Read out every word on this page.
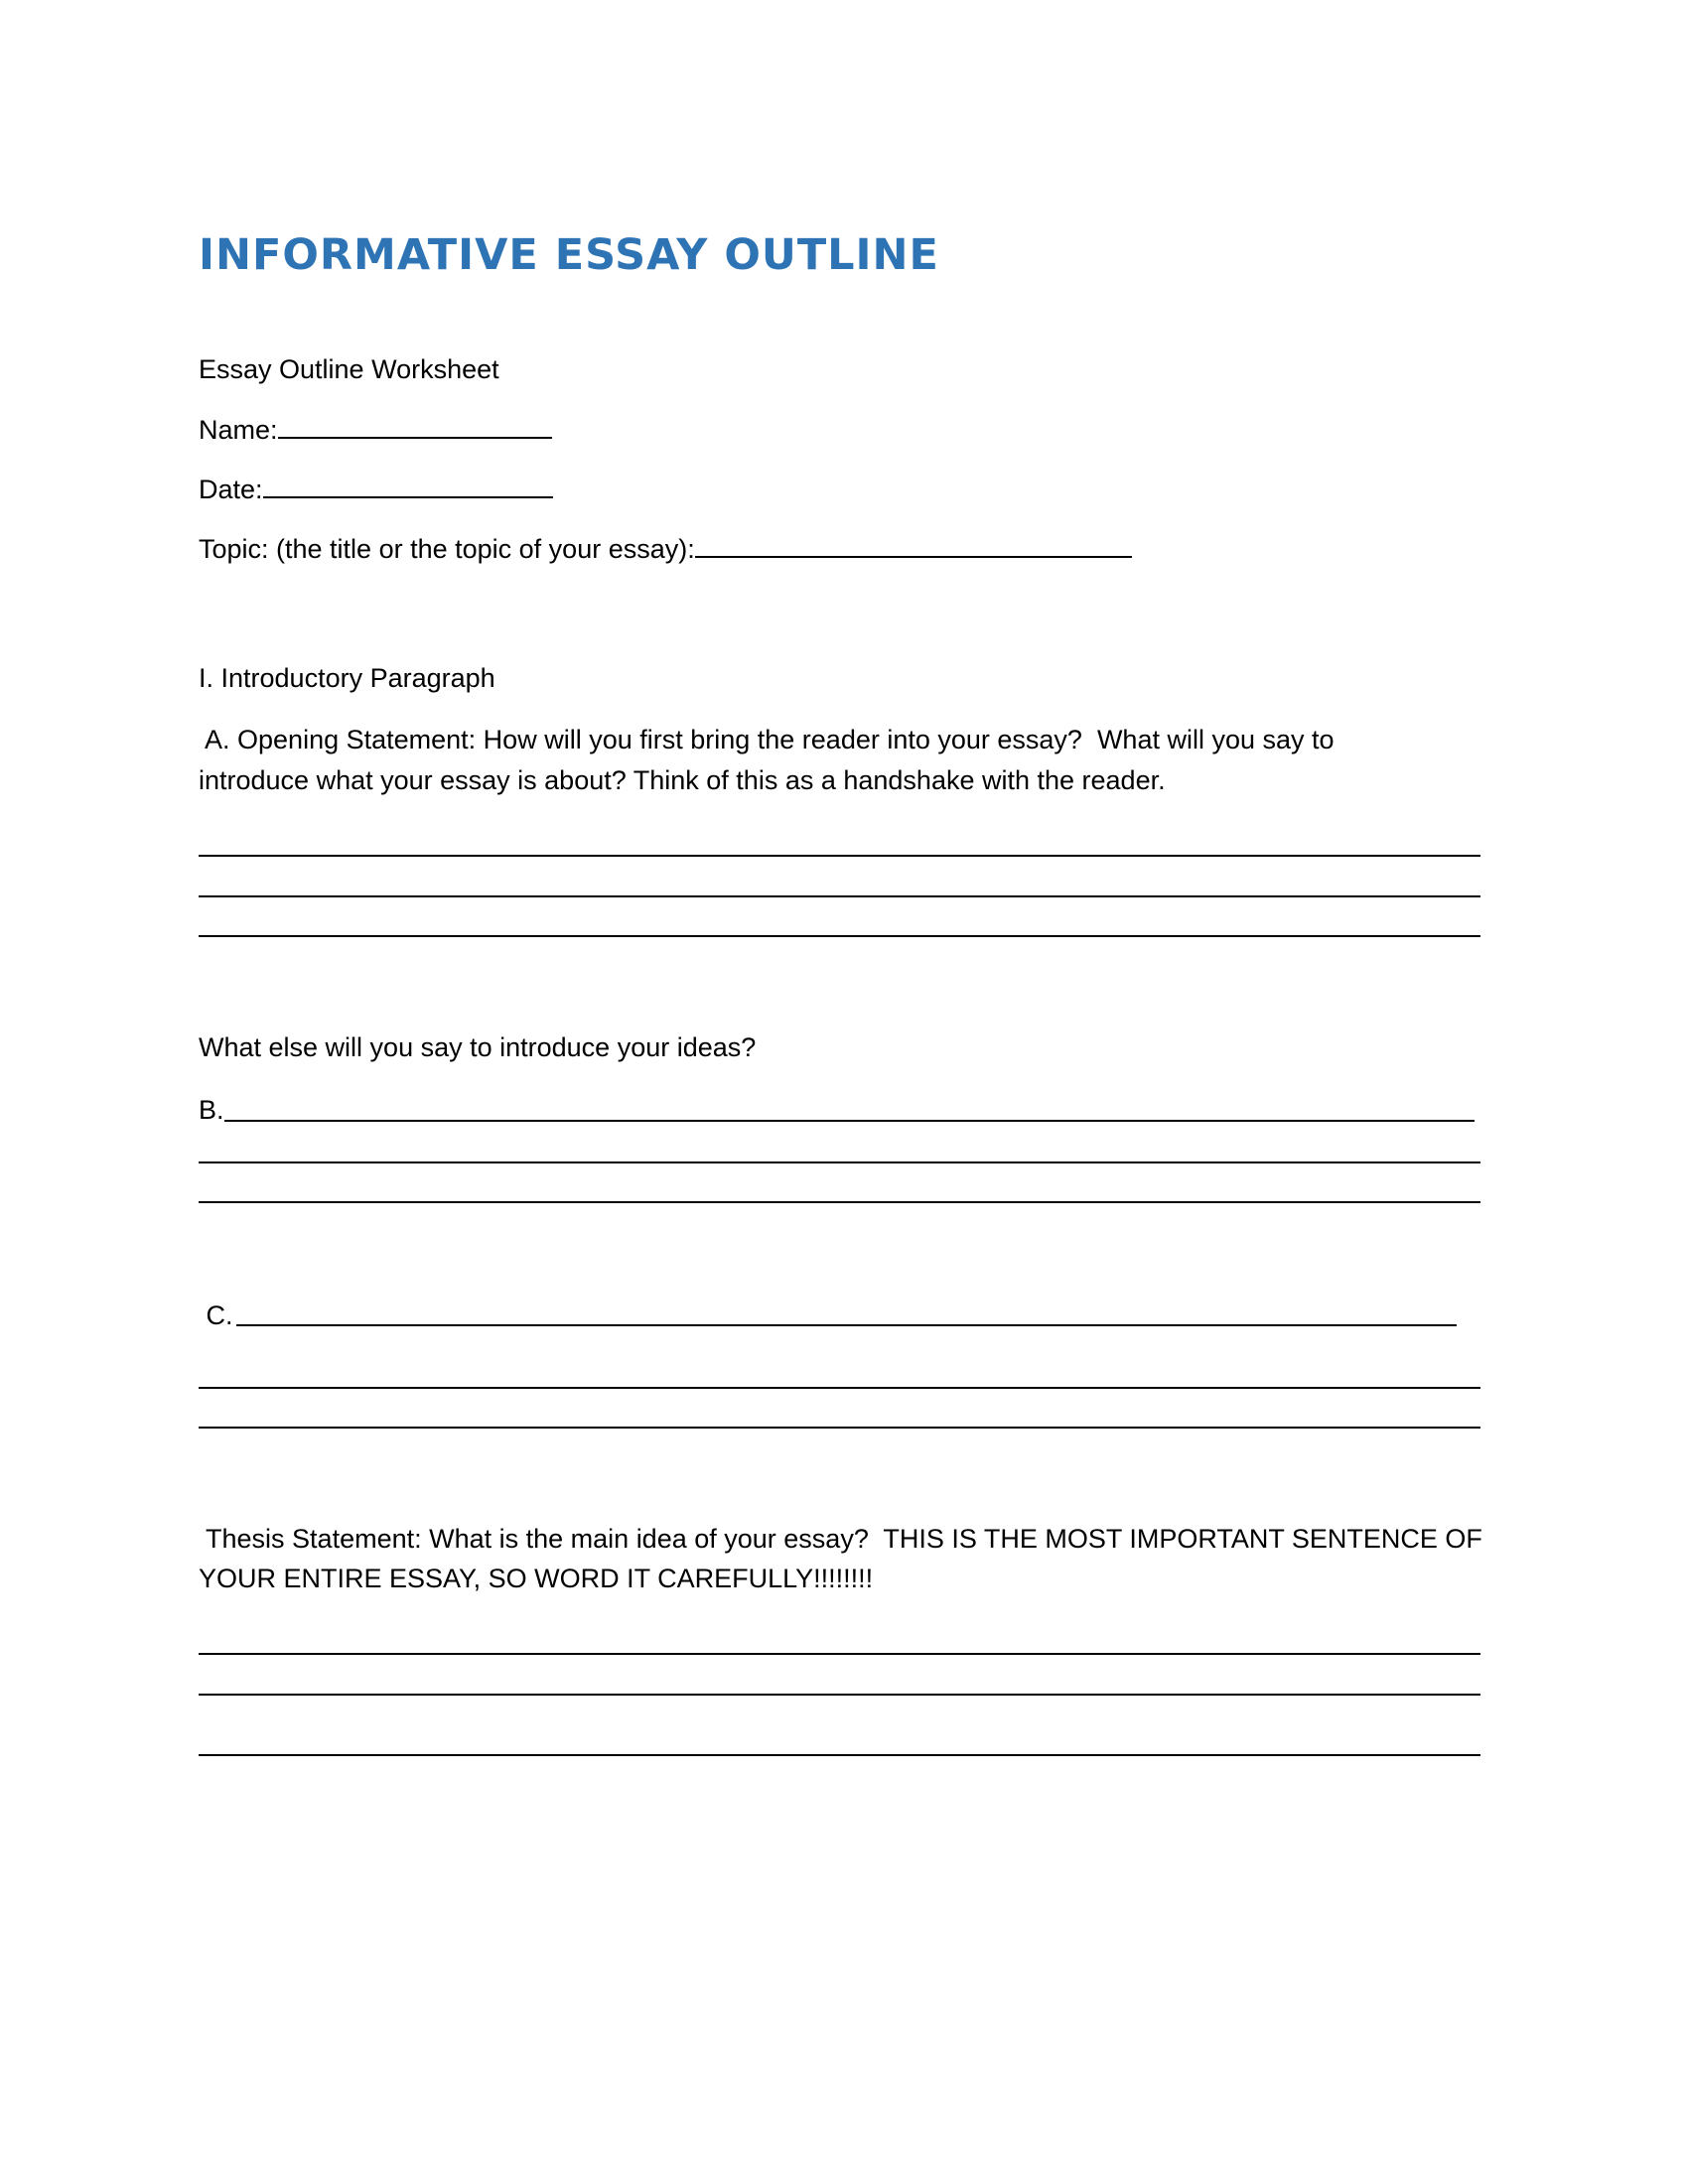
INFORMATIVE ESSAY OUTLINE
Essay Outline Worksheet
Name:
Date:
Topic: (the title or the topic of your essay):
I. Introductory Paragraph
A. Opening Statement: How will you first bring the reader into your essay?  What will you say to
introduce what your essay is about? Think of this as a handshake with the reader.
What else will you say to introduce your ideas?
B.
C.
Thesis Statement: What is the main idea of your essay?  THIS IS THE MOST IMPORTANT SENTENCE OF
YOUR ENTIRE ESSAY, SO WORD IT CAREFULLY!!!!!!!!
